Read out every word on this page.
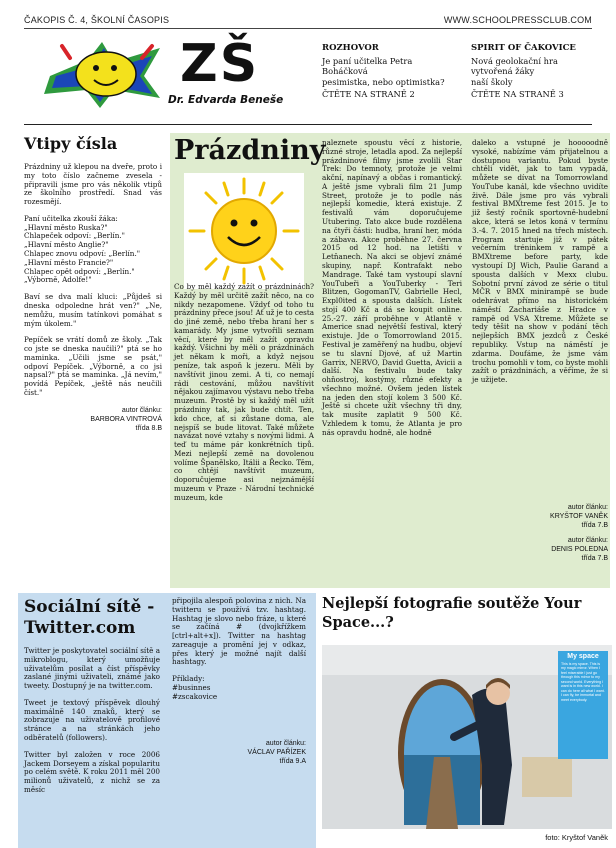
ČAKOPIS Č. 4, ŠKOLNÍ ČASOPIS	WWW.SCHOOLPRESSCLUB.COM
ZŠ
Dr. Edvarda Beneše
ROZHOVOR
Je paní učitelka Petra Boháčková
pesimistka, nebo optimistka?
ČTĚTE NA STRANĚ 2
SPIRIT OF ČAKOVICE
Nová geolokační hra vytvořená žáky
naší školy
ČTĚTE NA STRANĚ 3
Vtipy čísla

Prázdniny už klepou na dveře, proto i my toto číslo začneme zvesela - připravili jsme pro vás několik vtipů ze školního prostředí. Snad vás rozesmějí.

Paní učitelka zkouší žáka:
„Hlavní město Ruska?"
Chlapeček odpoví: „Berlín."
„Hlavní město Anglie?"
Chlapec znovu odpoví: „Berlín."
„Hlavní město Francie?"
Chlapec opět odpoví: „Berlín."
„Výborně, Adolfe!"

Baví se dva malí kluci: „Půjdeš si dneska odpoledne hrát ven?" „Ne, nemůžu, musím tatínkovi pomáhat s mým úkolem."

Pepíček se vrátí domů ze školy. „Tak co jste se dneska naučili?" ptá se ho maminka. „Učili jsme se psát," odpoví Pepíček. „Výborně, a co jsi napsal?" ptá se maminka. „Já nevím," povídá Pepíček, „ještě nás neučili číst."

autor článku:
BARBORA VINTROVÁ
třída 8.B
Prázdniny
Co by měl každý zažít o prázdninách? Každý by měl určitě zažít něco, na co nikdy nezapomene. Vždyť od toho tu prázdniny přece jsou! Ať už je to cesta do jiné země, nebo třeba hraní her s kamarády. My jsme vytvořili seznam věcí, které by měl zažít opravdu každý. Všichni by měli o prázdninách jet někam k moři, a když nejsou peníze, tak aspoň k jezeru. Měli by navštívit jinou zemi. A ti, co nemají rádi cestování, můžou navštívit nějakou zajímavou výstavu nebo třeba muzeum. Prostě by si každý měl užít prázdniny tak, jak bude chtít. Ten, kdo chce, ať si zůstane doma, ale nejspíš se bude litovat. Také můžete navázat nové vztahy s novými lidmi. A teď tu máme pár konkrétních tipů. Mezi nejlepší země na dovolenou volíme Španělsko, Itálii a Řecko. Těm, co chtějí navštívit muzeum, doporučujeme asi nejznámější muzeum v Praze - Národní technické muzeum, kde
naleznete spoustu věcí z historie, různé stroje, letadla apod. Za nejlepší prázdninové filmy jsme zvolili Star Trek: Do temnoty, protože je velmi akční, napínavý a občas i romantický. A ještě jsme vybrali film 21 Jump Street, protože je to podle nás nejlepší komedie, která existuje. Z festivalů vám doporučujeme Utubering. Tato akce bude rozdělena na čtyři části: hudba, hraní her, móda a zábava. Akce proběhne 27. června 2015 od 12 hod. na letišti v Letňanech. Na akci se objeví známé skupiny, např. Kontrafakt nebo Mandrage. Také tam vystoupí slavní YouTubeři a YouTuberky - Teri Blitzen, GogomanTV, Gabrielle Hecl, Expl0ited a spousta dalších. Lístek stojí 400 Kč a dá se koupit online. 25.-27. září proběhne v Atlantě v Americe snad největší festival, který existuje. Jde o Tomorrowland 2015. Festival je zaměřený na hudbu, objeví se tu slavní Djové, ať už Martin Garrix, NERVO, David Guetta, Avicii a další. Na festivalu bude taky ohňostroj, kostýmy, různé efekty a všechno možné. Ovšem jeden lístek na jeden den stojí kolem 3 500 Kč. Ještě si chcete užít všechny tři dny, tak musíte zaplatit 9 500 Kč. Vzhledem k tomu, že Atlanta je pro nás opravdu hodně, ale hodně
daleko a vstupné je hooooodně vysoké, nabízíme vám přijatelnou a dostupnou variantu. Pokud byste chtěli vidět, jak to tam vypadá, můžete se dívat na Tomorrowland YouTube kanál, kde všechno uvidíte živě. Dále jsme pro vás vybrali festival BMXtreme fest 2015. Je to již šestý ročník sportovně-hudební akce, která se letos koná v termínu 3.-4. 7. 2015 hned na třech místech. Program startuje již v pátek večerním tréninkem v rampě a BMXtreme before party, kde vystoupí DJ Wich, Paulie Garand a spousta dalších v Mexx clubu. Sobotní první závod ze série o titul MČR v BMX minirampě se bude odehrávat přímo na historickém náměstí Zachariáše z Hradce v rampě od VSA Xtreme. Můžete se tedy těšit na show v podání těch nejlepších BMX jezdců z České republiky. Vstup na náměstí je zdarma. Doufáme, že jsme vám trochu pomohli v tom, co byste mohli zažít o prázdninách, a věříme, že si je užijete.
autor článku:
KRYŠTOF VANĚK
třída 7.B
autor článku:
DENIS POLEDNA
třída 7.B
Sociální sítě -
Twitter.com

Twitter je poskytovatel sociální sítě a mikroblogu, který umožňuje uživatelům posílat a číst příspěvky zaslané jinými uživateli, známé jako tweety. Dostupný je na twitter.com.

Tweet je textový příspěvek dlouhý maximálně 140 znaků, který se zobrazuje na uživatelově profilové stránce a na stránkách jeho odběratelů (followers).

Twitter byl založen v roce 2006 Jackem Dorseyem a získal popularitu po celém světě. K roku 2011 měl 200 milionů uživatelů, z nichž se za měsíc

připojila alespoň polovina z nich. Na twitteru se používá tzv. hashtag. Hashtag je slovo nebo fráze, u které se začíná # (dvojkřížkem [ctrl+alt+x]). Twitter na hashtag zareaguje a promění jej v odkaz, přes který je možné najít další hashtagy.

Příklady:
#businnes
#zscakovice

autor článku:
VÁCLAV PAŘÍZEK
třída 9.A
Nejlepší fotografie soutěže Your
Space...?
My space
This is my space. This is my magic mirror. When I feel miserable I just go through this mirror to my second world. Everything I want is in this new world. I can do here all what I want. I can fly, be immortal and meet everybody.
foto: Kryštof Vaněk
